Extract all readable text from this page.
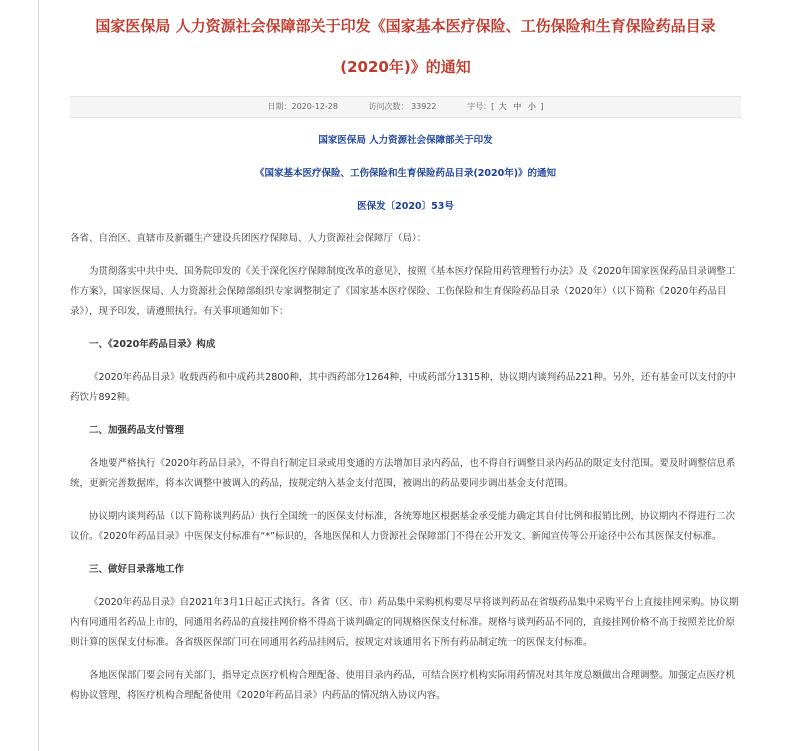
国家医保局 人力资源社会保障部关于印发《国家基本医疗保险、工伤保险和生育保险药品目录
(2020年)》的通知
日期：2020-12-28	访问次数： 33922	字号：[ 大 中 小 ]

国家医保局 人力资源社会保障部关于印发

《国家基本医疗保险、工伤保险和生育保险药品目录(2020年)》的通知

医保发〔2020〕53号

各省、自治区、直辖市及新疆生产建设兵团医疗保障局、人力资源社会保障厅（局）：

为贯彻落实中共中央、国务院印发的《关于深化医疗保障制度改革的意见》，按照《基本医疗保险用药管理暂行办法》及《2020年国家医保药品目录调整工作方案》，国家医保局、人力资源社会保障部组织专家调整制定了《国家基本医疗保险、工伤保险和生育保险药品目录（2020年）（以下简称《2020年药品目录》），现予印发，请遵照执行。有关事项通知如下：

一、《2020年药品目录》构成

《2020年药品目录》收载西药和中成药共2800种，其中西药部分1264种，中成药部分1315种，协议期内谈判药品221种。另外，还有基金可以支付的中药饮片892种。

二、加强药品支付管理

各地要严格执行《2020年药品目录》，不得自行制定目录或用变通的方法增加目录内药品，也不得自行调整目录内药品的限定支付范围。要及时调整信息系统，更新完善数据库，将本次调整中被调入的药品，按规定纳入基金支付范围，被调出的药品要同步调出基金支付范围。

协议期内谈判药品（以下简称谈判药品）执行全国统一的医保支付标准，各统筹地区根据基金承受能力确定其自付比例和报销比例，协议期内不得进行二次议价。《2020年药品目录》中医保支付标准有“*”标识的，各地医保和人力资源社会保障部门不得在公开发文、新闻宣传等公开途径中公布其医保支付标准。

三、做好目录落地工作

《2020年药品目录》自2021年3月1日起正式执行。各省（区、市）药品集中采购机构要尽早将谈判药品在省级药品集中采购平台上直接挂网采购。协议期内有同通用名药品上市的，同通用名药品的直接挂网价格不得高于谈判确定的同规格医保支付标准。规格与谈判药品不同的，直接挂网价格不高于按照差比价原则计算的医保支付标准。各省级医保部门可在同通用名药品挂网后，按规定对该通用名下所有药品制定统一的医保支付标准。

各地医保部门要会同有关部门，指导定点医疗机构合理配备、使用目录内药品，可结合医疗机构实际用药情况对其年度总额做出合理调整。加强定点医疗机构协议管理，将医疗机构合理配备使用《2020年药品目录》内药品的情况纳入协议内容。
